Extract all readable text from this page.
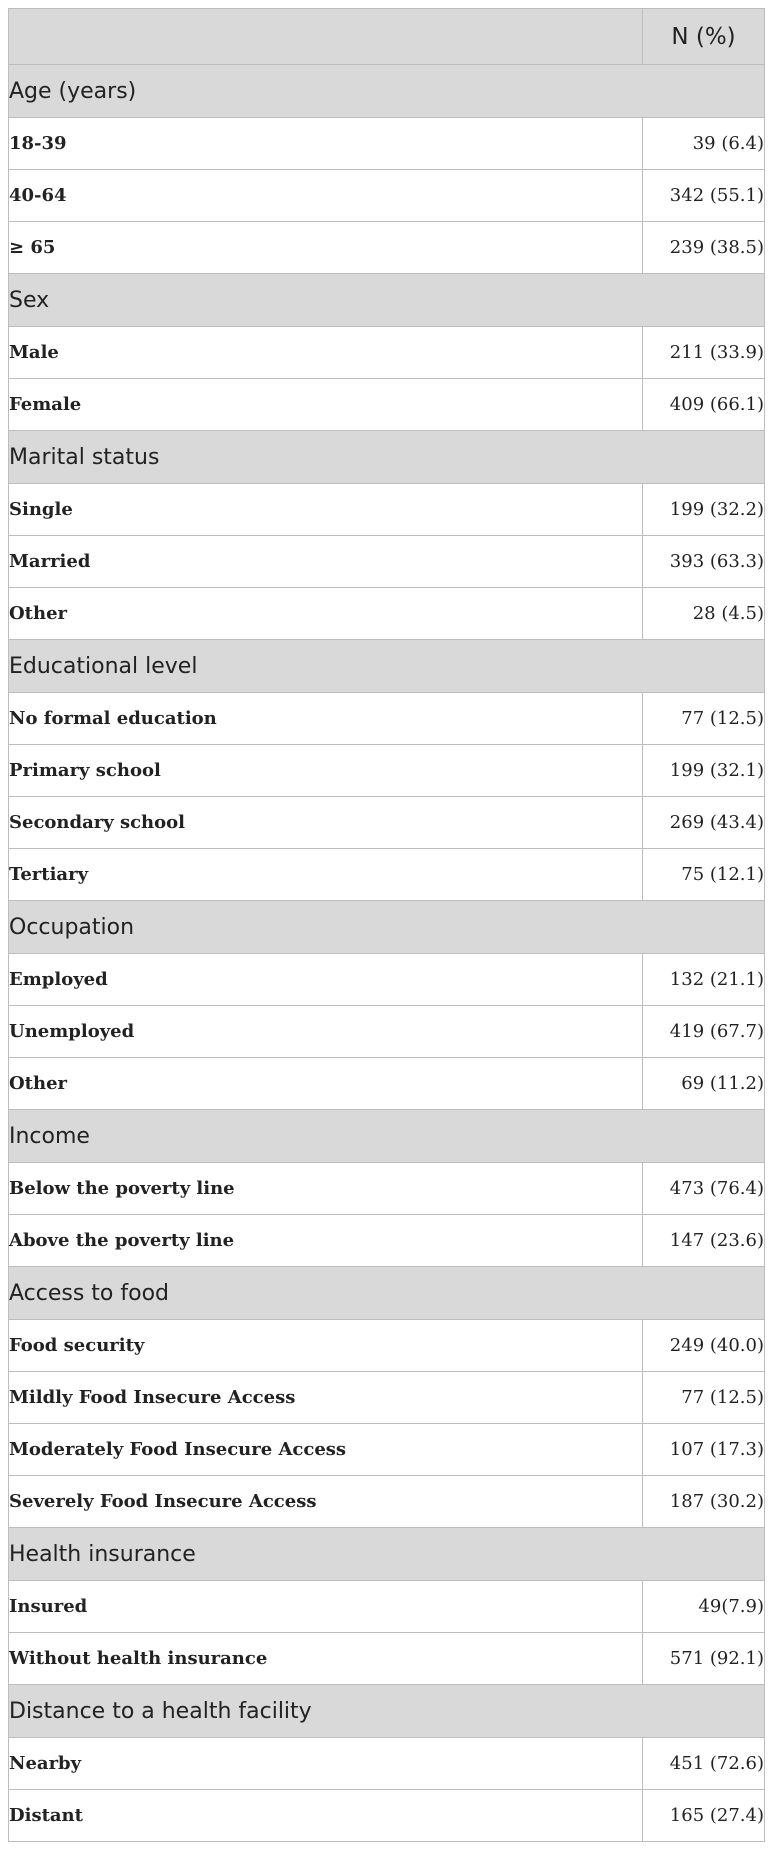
	N (%)
Age (years)	
18-39	39 (6.4)
40-64	342 (55.1)
≥ 65	239 (38.5)
Sex	
Male	211 (33.9)
Female	409 (66.1)
Marital status	
Single	199 (32.2)
Married	393 (63.3)
Other	28 (4.5)
Educational level	
No formal education	77 (12.5)
Primary school	199 (32.1)
Secondary school	269 (43.4)
Tertiary	75 (12.1)
Occupation	
Employed	132 (21.1)
Unemployed	419 (67.7)
Other	69 (11.2)
Income	
Below the poverty line	473 (76.4)
Above the poverty line	147 (23.6)
Access to food	
Food security	249 (40.0)
Mildly Food Insecure Access	77 (12.5)
Moderately Food Insecure Access	107 (17.3)
Severely Food Insecure Access	187 (30.2)
Health insurance	
Insured	49(7.9)
Without health insurance	571 (92.1)
Distance to a health facility	
Nearby	451 (72.6)
Distant	165 (27.4)
